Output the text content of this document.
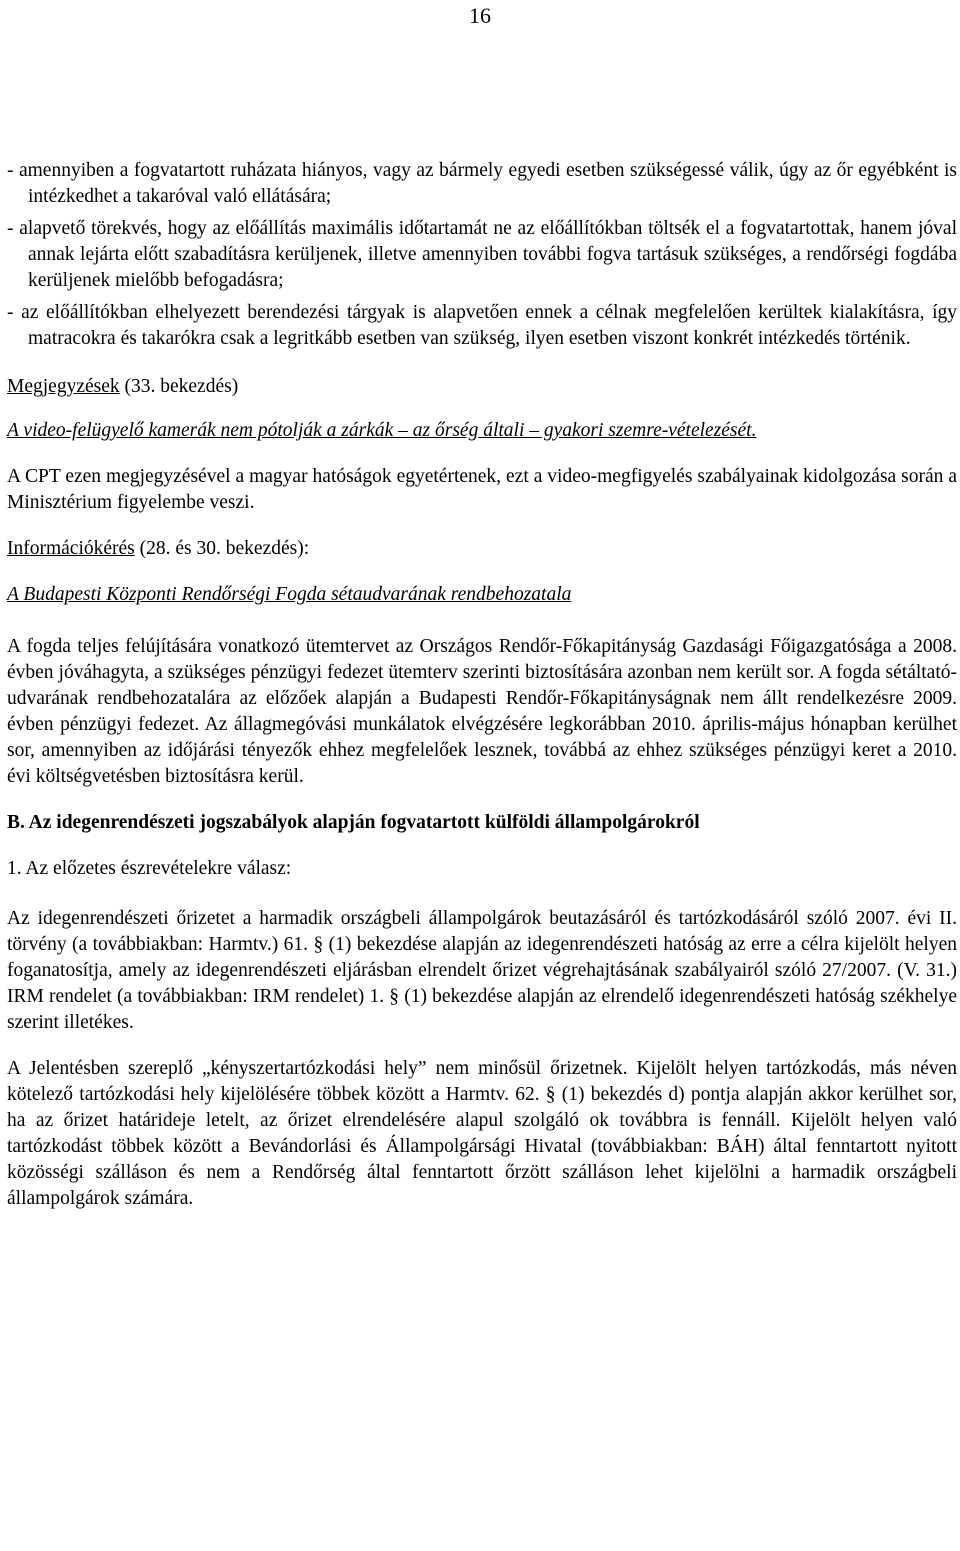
16

- amennyiben a fogvatartott ruházata hiányos, vagy az bármely egyedi esetben szükségessé válik, úgy az őr egyébként is intézkedhet a takaróval való ellátására;

- alapvető törekvés, hogy az előállítás maximális időtartamát ne az előállítókban töltsék el a fogvatartottak, hanem jóval annak lejárta előtt szabadításra kerüljenek, illetve amennyiben további fogva tartásuk szükséges, a rendőrségi fogdába kerüljenek mielőbb befogadásra;

- az előállítókban elhelyezett berendezési tárgyak is alapvetően ennek a célnak megfelelően kerültek kialakításra, így matracokra és takarókra csak a legritkább esetben van szükség, ilyen esetben viszont konkrét intézkedés történik.

Megjegyzések (33. bekezdés)

A video-felügyelő kamerák nem pótolják a zárkák – az őrség általi – gyakori szemre-vételezését.

A CPT ezen megjegyzésével a magyar hatóságok egyetértenek, ezt a video-megfigyelés szabályainak kidolgozása során a Minisztérium figyelembe veszi.

Információkérés (28. és 30. bekezdés):

A Budapesti Központi Rendőrségi Fogda sétaudvarának rendbehozatala

A fogda teljes felújítására vonatkozó ütemtervet az Országos Rendőr-Főkapitányság Gazdasági Főigazgatósága a 2008. évben jóváhagyta, a szükséges pénzügyi fedezet ütemterv szerinti biztosítására azonban nem került sor. A fogda sétáltató-udvarának rendbehozatalára az előzőek alapján a Budapesti Rendőr-Főkapitányságnak nem állt rendelkezésre 2009. évben pénzügyi fedezet. Az állagmegóvási munkálatok elvégzésére legkorábban 2010. április-május hónapban kerülhet sor, amennyiben az időjárási tényezők ehhez megfelelőek lesznek, továbbá az ehhez szükséges pénzügyi keret a 2010. évi költségvetésben biztosításra kerül.

B. Az idegenrendészeti jogszabályok alapján fogvatartott külföldi állampolgárokról

1. Az előzetes észrevételekre válasz:

Az idegenrendészeti őrizetet a harmadik országbeli állampolgárok beutazásáról és tartózkodásáról szóló 2007. évi II. törvény (a továbbiakban: Harmtv.) 61. § (1) bekezdése alapján az idegenrendészeti hatóság az erre a célra kijelölt helyen foganatosítja, amely az idegenrendészeti eljárásban elrendelt őrizet végrehajtásának szabályairól szóló 27/2007. (V. 31.) IRM rendelet (a továbbiakban: IRM rendelet) 1. § (1) bekezdése alapján az elrendelő idegenrendészeti hatóság székhelye szerint illetékes.

A Jelentésben szereplő „kényszertartózkodási hely” nem minősül őrizetnek. Kijelölt helyen tartózkodás, más néven kötelező tartózkodási hely kijelölésére többek között a Harmtv. 62. § (1) bekezdés d) pontja alapján akkor kerülhet sor, ha az őrizet határideje letelt, az őrizet elrendelésére alapul szolgáló ok továbbra is fennáll. Kijelölt helyen való tartózkodást többek között a Bevándorlási és Állampolgársági Hivatal (továbbiakban: BÁH) által fenntartott nyitott közösségi szálláson és nem a Rendőrség által fenntartott őrzött szálláson lehet kijelölni a harmadik országbeli állampolgárok számára.
